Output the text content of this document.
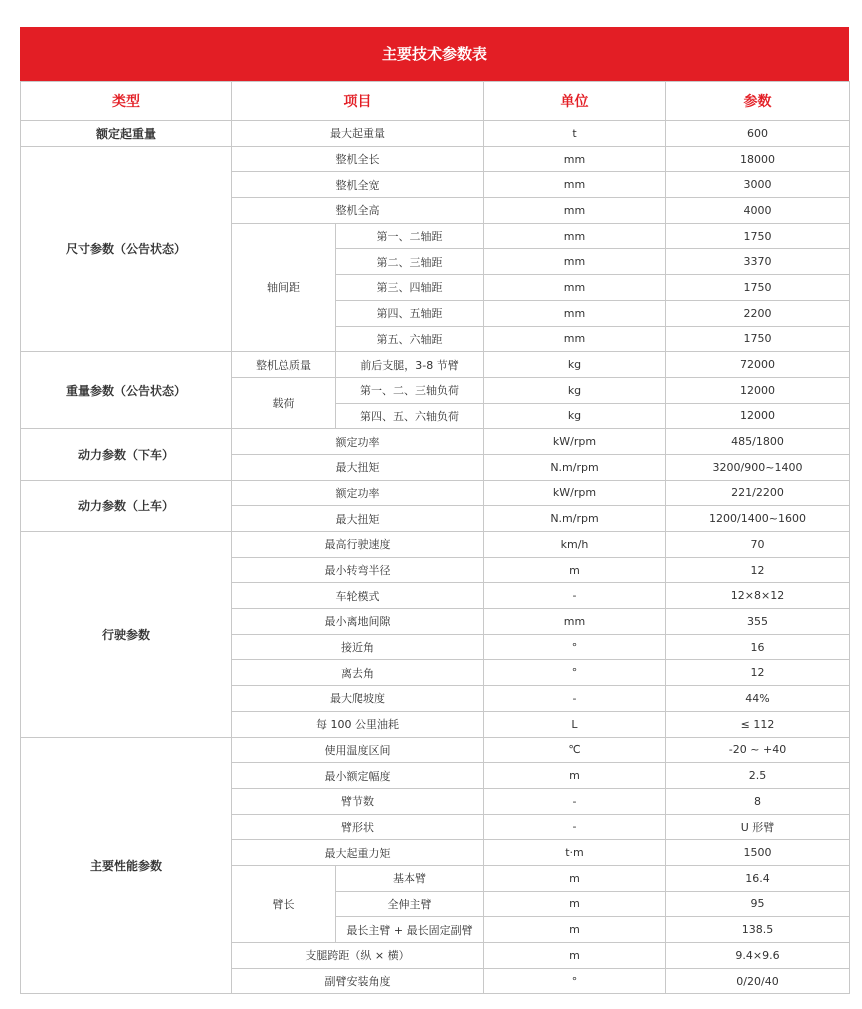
主要技术参数表
类型	项目		单位	参数
额定起重量	最大起重量		t	600
尺寸参数（公告状态）	整机全长		mm	18000
	整机全宽		mm	3000
	整机全高		mm	4000
	轴间距	第一、二轴距	mm	1750
		第二、三轴距	mm	3370
		第三、四轴距	mm	1750
		第四、五轴距	mm	2200
		第五、六轴距	mm	1750
重量参数（公告状态）	整机总质量	前后支腿，3-8 节臂	kg	72000
	载荷	第一、二、三轴负荷	kg	12000
		第四、五、六轴负荷	kg	12000
动力参数（下车）	额定功率		kW/rpm	485/1800
	最大扭矩		N.m/rpm	3200/900~1400
动力参数（上车）	额定功率		kW/rpm	221/2200
	最大扭矩		N.m/rpm	1200/1400~1600
行驶参数	最高行驶速度		km/h	70
	最小转弯半径		m	12
	车轮模式		-	12×8×12
	最小离地间隙		mm	355
	接近角		°	16
	离去角		°	12
	最大爬坡度		-	44%
	每 100 公里油耗		L	≤ 112
主要性能参数	使用温度区间		℃	-20 ~ +40
	最小额定幅度		m	2.5
	臂节数		-	8
	臂形状		-	U 形臂
	最大起重力矩		t·m	1500
	臂长	基本臂	m	16.4
		全伸主臂	m	95
		最长主臂 + 最长固定副臂	m	138.5
	支腿跨距（纵 × 横）		m	9.4×9.6
	副臂安装角度		°	0/20/40
